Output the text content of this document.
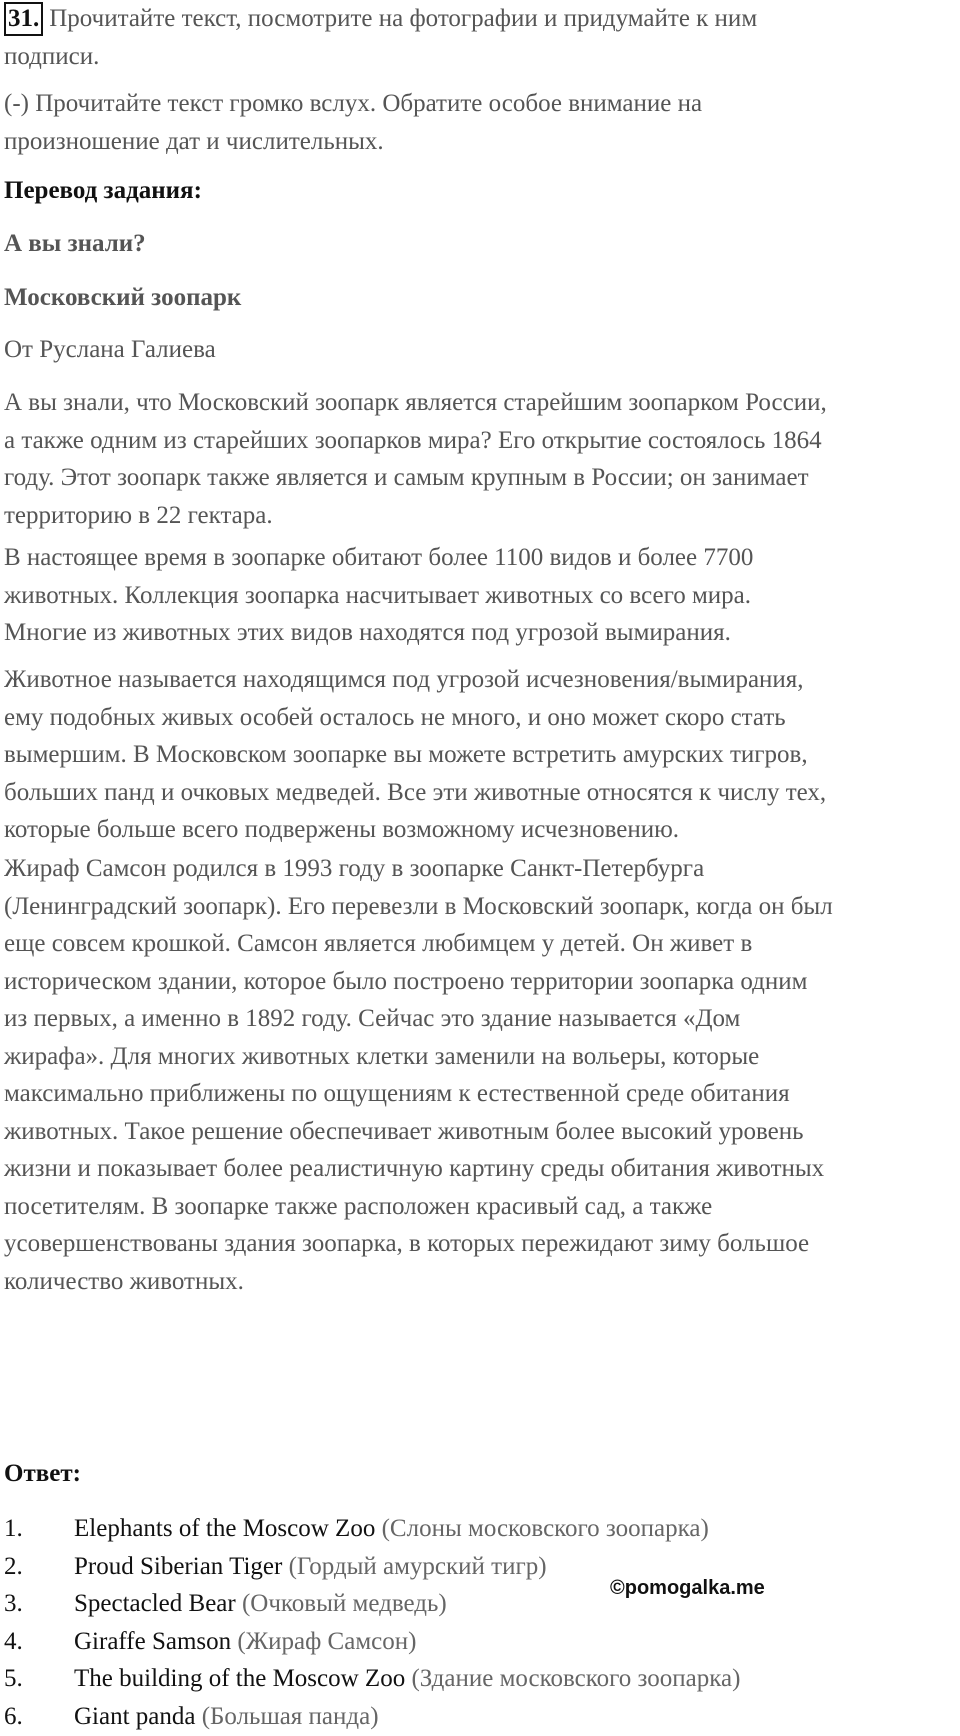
31. Прочитайте текст, посмотрите на фотографии и придумайте к ним
подписи.
(-) Прочитайте текст громко вслух. Обратите особое внимание на
произношение дат и числительных.
Перевод задания:
А вы знали?
Московский зоопарк
От Руслана Галиева
А вы знали, что Московский зоопарк является старейшим зоопарком России,
а также одним из старейших зоопарков мира? Его открытие состоялось 1864
году. Этот зоопарк также является и самым крупным в России; он занимает
территорию в 22 гектара.
В настоящее время в зоопарке обитают более 1100 видов и более 7700
животных. Коллекция зоопарка насчитывает животных со всего мира.
Многие из животных этих видов находятся под угрозой вымирания.
Животное называется находящимся под угрозой исчезновения/вымирания,
ему подобных живых особей осталось не много, и оно может скоро стать
вымершим. В Московском зоопарке вы можете встретить амурских тигров,
больших панд и очковых медведей. Все эти животные относятся к числу тех,
которые больше всего подвержены возможному исчезновению.
Жираф Самсон родился в 1993 году в зоопарке Санкт-Петербурга
(Ленинградский зоопарк). Его перевезли в Московский зоопарк, когда он был
еще совсем крошкой. Самсон является любимцем у детей. Он живет в
историческом здании, которое было построено территории зоопарка одним
из первых, а именно в 1892 году. Сейчас это здание называется «Дом
жирафа». Для многих животных клетки заменили на вольеры, которые
максимально приближены по ощущениям к естественной среде обитания
животных. Такое решение обеспечивает животным более высокий уровень
жизни и показывает более реалистичную картину среды обитания животных
посетителям. В зоопарке также расположен красивый сад, а также
усовершенствованы здания зоопарка, в которых пережидают зиму большое
количество животных.
Ответ:
1.	Elephants of the Moscow Zoo (Слоны московского зоопарка)
2.	Proud Siberian Tiger (Гордый амурский тигр)
3.	Spectacled Bear (Очковый медведь)
4.	Giraffe Samson (Жираф Самсон)
5.	The building of the Moscow Zoo (Здание московского зоопарка)
6.	Giant panda (Большая панда)
©pomogalka.me
